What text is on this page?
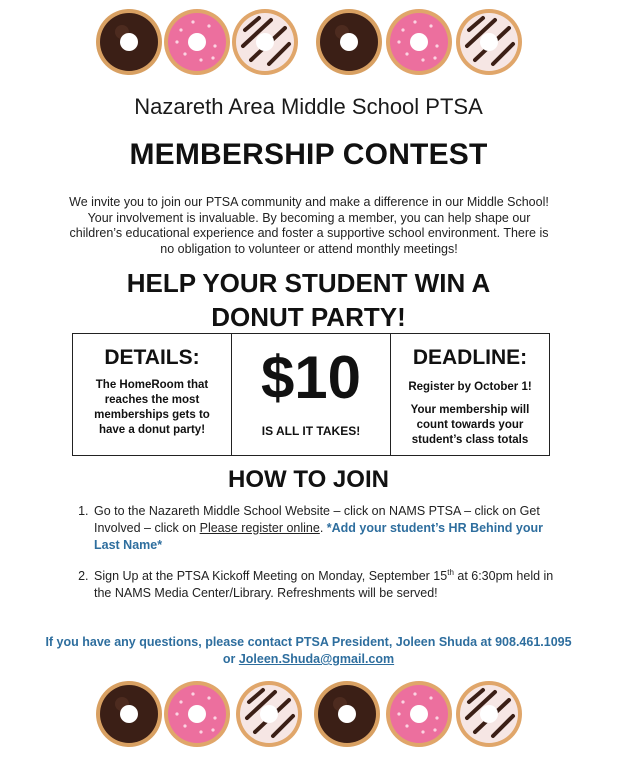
Nazareth Area Middle School PTSA
MEMBERSHIP CONTEST
We invite you to join our PTSA community and make a difference in our Middle School! Your involvement is invaluable. By becoming a member, you can help shape our children’s educational experience and foster a supportive school environment. There is no obligation to volunteer or attend monthly meetings!
HELP YOUR STUDENT WIN A
DONUT PARTY!
DETAILS:
The HomeRoom that reaches the most memberships gets to have a donut party!

$10
IS ALL IT TAKES!

DEADLINE:
Register by October 1!
Your membership will count towards your student’s class totals
HOW TO JOIN
1. Go to the Nazareth Middle School Website – click on NAMS PTSA – click on Get Involved – click on Please register online. *Add your student’s HR Behind your Last Name*
2. Sign Up at the PTSA Kickoff Meeting on Monday, September 15th at 6:30pm held in the NAMS Media Center/Library. Refreshments will be served!
If you have any questions, please contact PTSA President, Joleen Shuda at 908.461.1095 or Joleen.Shuda@gmail.com
